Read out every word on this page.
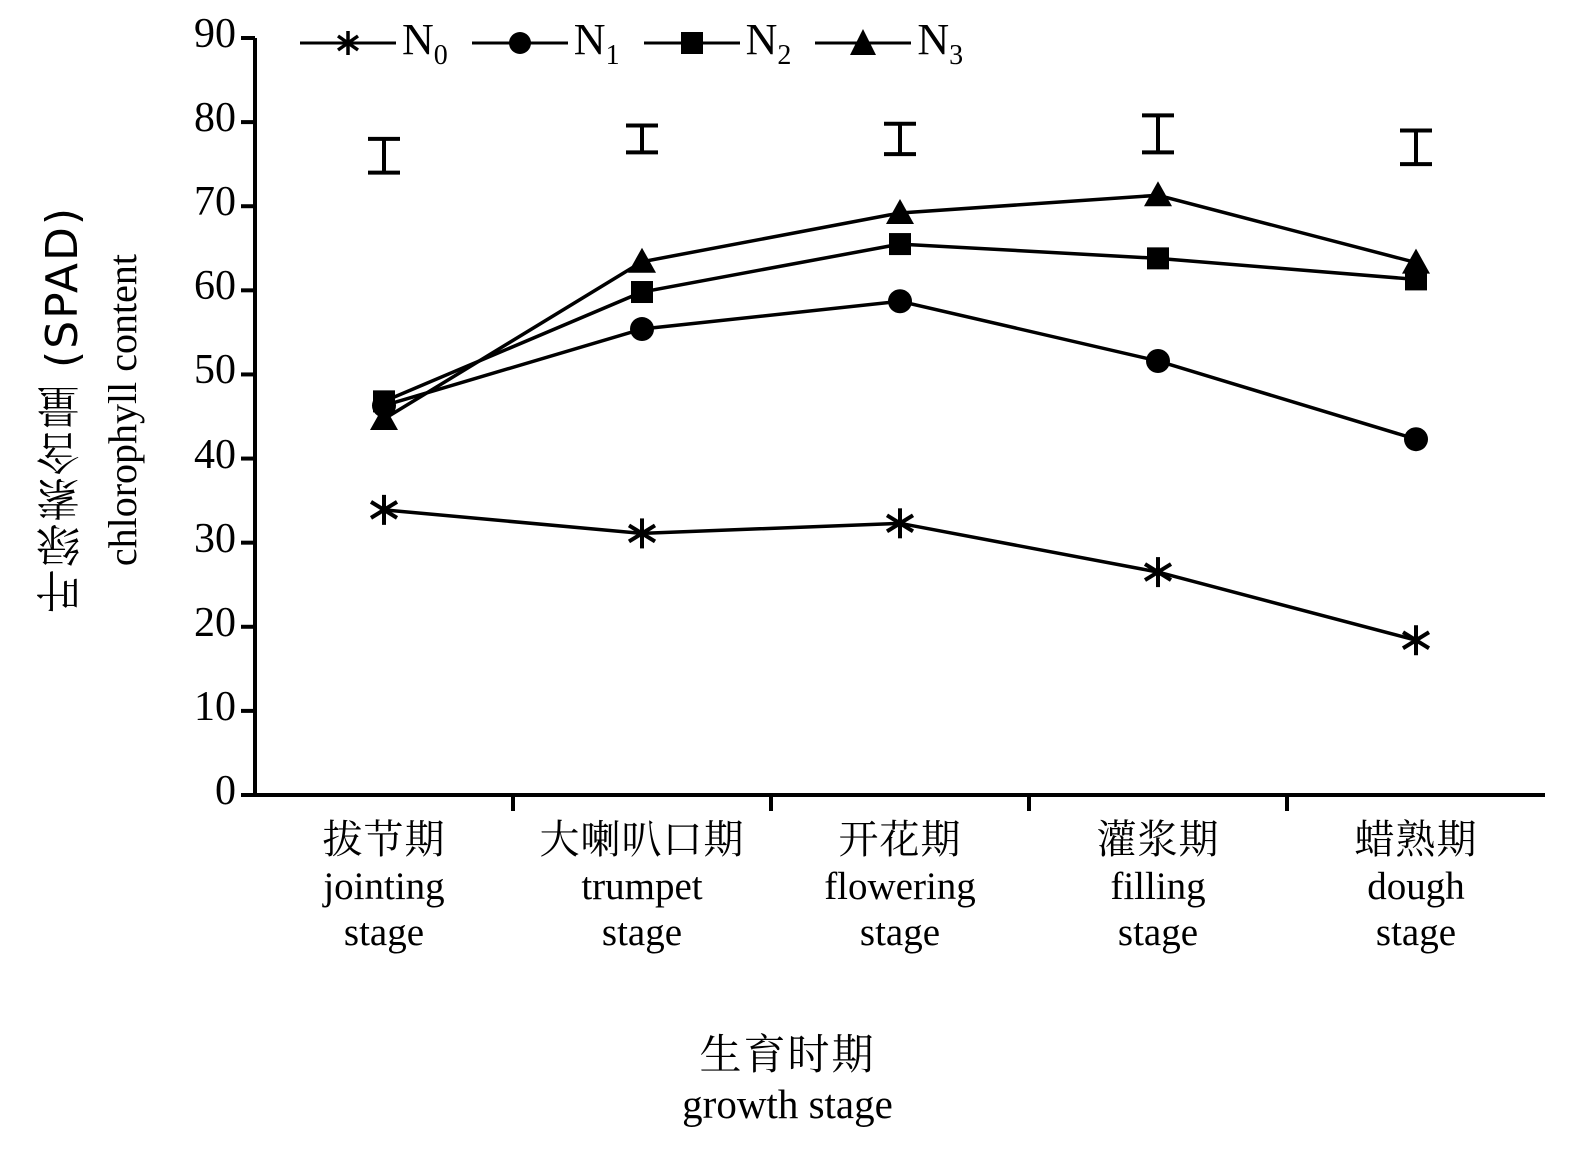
叶绿素含量 (SPAD) chlorophyll content
$N_0$	$N_1$	$N_2$	$N_3$
拔节期
jointing
stage
大喇叭口期
trumpet
stage
开花期
flowering
stage
灌浆期
filling
stage
蜡熟期
dough
stage
生育时期
growth stage
0
10
20
30
40
50
60
70
80
90
